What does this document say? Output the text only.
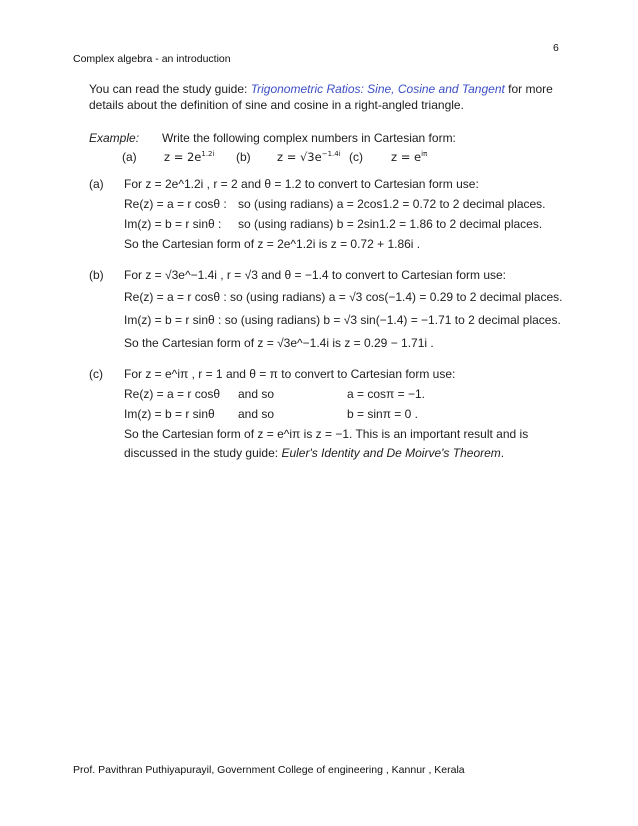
6
Complex algebra - an introduction
You can read the study guide: Trigonometric Ratios: Sine, Cosine and Tangent for more
details about the definition of sine and cosine in a right-angled triangle.
Example: Write the following complex numbers in Cartesian form:
(a) $z = 2e^{1.2i}$ (b) $z = √3e^{-1.4i}$ (c) $z = e^{i\pi}$
(a) For z = 2e^1.2i , r = 2 and θ = 1.2 to convert to Cartesian form use:
Re(z) = a = r cosθ : so (using radians) a = 2cos1.2 = 0.72 to 2 decimal places.
Im(z) = b = r sinθ : so (using radians) b = 2sin1.2 = 1.86 to 2 decimal places.
So the Cartesian form of z = 2e^1.2i is z = 0.72 + 1.86i .
(b) For z = √3e^−1.4i , r = √3 and θ = −1.4 to convert to Cartesian form use:
Re(z) = a = r cosθ : so (using radians) a = √3 cos(−1.4) = 0.29 to 2 decimal places.
Im(z) = b = r sinθ : so (using radians) b = √3 sin(−1.4) = −1.71 to 2 decimal places.
So the Cartesian form of z = √3e^−1.4i is z = 0.29 − 1.71i .
(c) For z = e^iπ , r = 1 and θ = π to convert to Cartesian form use:
Re(z) = a = r cosθ and so	a = cosπ = −1.
Im(z) = b = r sinθ and so	b = sinπ = 0 .
So the Cartesian form of z = e^iπ is z = −1. This is an important result and is
discussed in the study guide: Euler's Identity and De Moirve's Theorem.
Prof. Pavithran Puthiyapurayil, Government College of engineering , Kannur , Kerala
